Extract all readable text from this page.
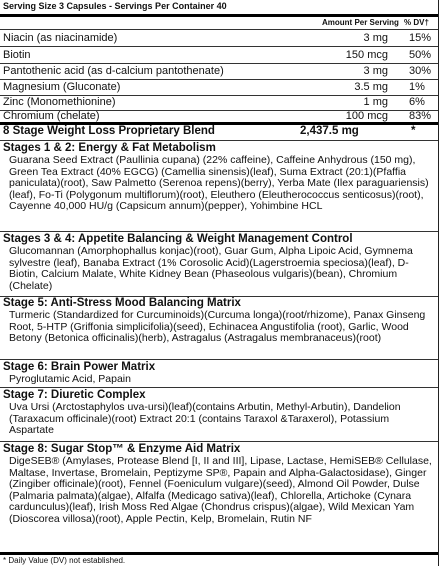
Serving Size 3 Capsules - Servings Per Container 40
Amount Per Serving % DV†
Niacin (as niacinamide)	3 mg 15%
Biotin	150 mcg 50%
Pantothenic acid (as d-calcium pantothenate)	3 mg 30%
Magnesium (Gluconate)	3.5 mg 1%
Zinc (Monomethionine)	1 mg 6%
Chromium (chelate)	100 mcg 83%
8 Stage Weight Loss Proprietary Blend	2,437.5 mg	*
Stages 1 & 2: Energy & Fat Metabolism
Guarana Seed Extract (Paullinia cupana) (22% caffeine), Caffeine Anhydrous (150 mg), Green Tea Extract (40% EGCG) (Camellia sinensis)(leaf), Suma Extract (20:1)(Pfaffia paniculata)(root), Saw Palmetto (Serenoa repens)(berry), Yerba Mate (Ilex paraguariensis)(leaf), Fo-Ti (Polygonum multiflorum)(root), Eleuthero (Eleutherococcus senticosus)(root), Cayenne 40,000 HU/g (Capsicum annum)(pepper), Yohimbine HCL
Stages 3 & 4: Appetite Balancing & Weight Management Control
Glucomannan (Amorphophallus konjac)(root), Guar Gum, Alpha Lipoic Acid, Gymnema sylvestre (leaf), Banaba Extract (1% Corosolic Acid)(Lagerstroemia speciosa)(leaf), D-Biotin, Calcium Malate, White Kidney Bean (Phaseolous vulgaris)(bean), Chromium (Chelate)
Stage 5: Anti-Stress Mood Balancing Matrix
Turmeric (Standardized for Curcuminoids)(Curcuma longa)(root/rhizome), Panax Ginseng Root, 5-HTP (Griffonia simplicifolia)(seed), Echinacea Angustifolia (root), Garlic, Wood Betony (Betonica officinalis)(herb), Astragalus (Astragalus membranaceus)(root)
Stage 6: Brain Power Matrix
Pyroglutamic Acid, Papain
Stage 7: Diuretic Complex
Uva Ursi (Arctostaphylos uva-ursi)(leaf)(contains Arbutin, Methyl-Arbutin), Dandelion (Taraxacum officinale)(root) Extract 20:1 (contains Taraxol &Taraxerol), Potassium Aspartate
Stage 8: Sugar Stop™ & Enzyme Aid Matrix
DigeSEB® (Amylases, Protease Blend [I, II and III], Lipase, Lactase, HemiSEB® Cellulase, Maltase, Invertase, Bromelain, Peptizyme SP®, Papain and Alpha-Galactosidase), Ginger (Zingiber officinale)(root), Fennel (Foeniculum vulgare)(seed), Almond Oil Powder, Dulse (Palmaria palmata)(algae), Alfalfa (Medicago sativa)(leaf), Chlorella, Artichoke (Cynara cardunculus)(leaf), Irish Moss Red Algae (Chondrus crispus)(algae), Wild Mexican Yam (Dioscorea villosa)(root), Apple Pectin, Kelp, Bromelain, Rutin NF
* Daily Value (DV) not established.
